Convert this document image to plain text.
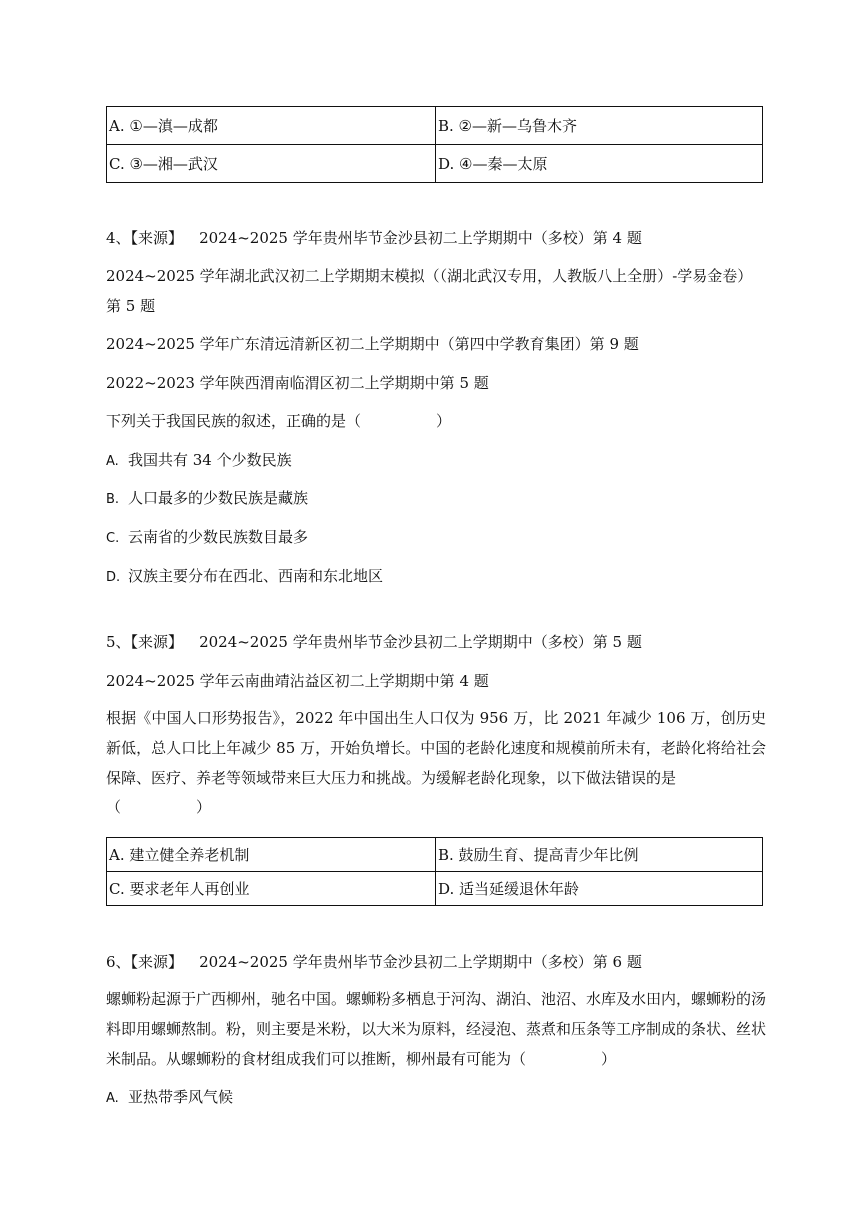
A. ①—滇—成都	B. ②—新—乌鲁木齐
C. ③—湘—武汉	D. ④—秦—太原
4、【来源】 2024~2025 学年贵州毕节金沙县初二上学期期中（多校）第 4 题
2024~2025 学年湖北武汉初二上学期期末模拟（（湖北武汉专用，人教版八上全册）-学易金卷）
第 5 题
2024~2025 学年广东清远清新区初二上学期期中（第四中学教育集团）第 9 题
2022~2023 学年陕西渭南临渭区初二上学期期中第 5 题
下列关于我国民族的叙述，正确的是（　　　　　）
A. 我国共有 34 个少数民族
B. 人口最多的少数民族是藏族
C. 云南省的少数民族数目最多
D. 汉族主要分布在西北、西南和东北地区
5、【来源】 2024~2025 学年贵州毕节金沙县初二上学期期中（多校）第 5 题
2024~2025 学年云南曲靖沾益区初二上学期期中第 4 题
根据《中国人口形势报告》，2022 年中国出生人口仅为 956 万，比 2021 年减少 106 万，创历史新低，总人口比上年减少 85 万，开始负增长。中国的老龄化速度和规模前所未有，老龄化将给社会保障、医疗、养老等领域带来巨大压力和挑战。为缓解老龄化现象，以下做法错误的是
（　　　　　）
A. 建立健全养老机制	B. 鼓励生育、提高青少年比例
C. 要求老年人再创业	D. 适当延缓退休年龄
6、【来源】 2024~2025 学年贵州毕节金沙县初二上学期期中（多校）第 6 题
螺蛳粉起源于广西柳州，驰名中国。螺蛳粉多栖息于河沟、湖泊、池沼、水库及水田内，螺蛳粉的汤料即用螺蛳熬制。粉，则主要是米粉，以大米为原料，经浸泡、蒸煮和压条等工序制成的条状、丝状米制品。从螺蛳粉的食材组成我们可以推断，柳州最有可能为（　　　　　）
A. 亚热带季风气候
